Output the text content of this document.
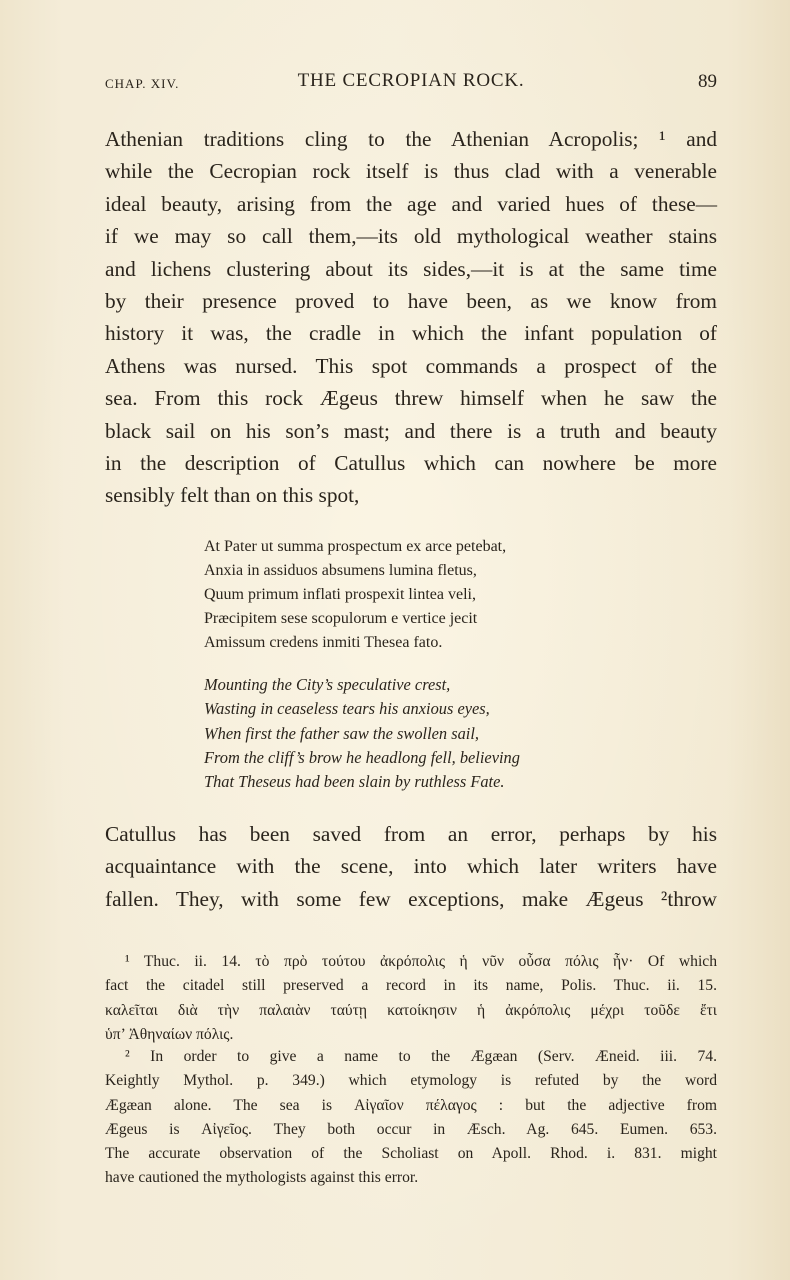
CHAP. XIV.	THE CECROPIAN ROCK.	89

Athenian traditions cling to the Athenian Acropolis; ¹ and
while the Cecropian rock itself is thus clad with a venerable
ideal beauty, arising from the age and varied hues of these—
if we may so call them,—its old mythological weather stains
and lichens clustering about its sides,—it is at the same time
by their presence proved to have been, as we know from
history it was, the cradle in which the infant population of
Athens was nursed. This spot commands a prospect of the
sea. From this rock Ægeus threw himself when he saw the
black sail on his son’s mast; and there is a truth and beauty
in the description of Catullus which can nowhere be more
sensibly felt than on this spot,

At Pater ut summa prospectum ex arce petebat,
Anxia in assiduos absumens lumina fletus,
Quum primum inflati prospexit lintea veli,
Præcipitem sese scopulorum e vertice jecit
Amissum credens inmiti Thesea fato.

Mounting the City’s speculative crest,
Wasting in ceaseless tears his anxious eyes,
When first the father saw the swollen sail,
From the cliff’s brow he headlong fell, believing
That Theseus had been slain by ruthless Fate.

Catullus has been saved from an error, perhaps by his
acquaintance with the scene, into which later writers have
fallen. They, with some few exceptions, make Ægeus ²throw

¹ Thuc. ii. 14. τὸ πρὸ τούτου ἀκρόπολις ἡ νῦν οὖσα πόλις ἦν· Of which
fact the citadel still preserved a record in its name, Polis. Thuc. ii. 15.
καλεῖται διὰ τὴν παλαιὰν ταύτῃ κατοίκησιν ἡ ἀκρόπολις μέχρι τοῦδε ἔτι
ὑπ’ Ἀθηναίων πόλις.

² In order to give a name to the Ægæan (Serv. Æneid. iii. 74.
Keightly Mythol. p. 349.) which etymology is refuted by the word
Ægæan alone. The sea is Αἰγαῖον πέλαγος : but the adjective from
Ægeus is Αἰγεῖος. They both occur in Æsch. Ag. 645. Eumen. 653.
The accurate observation of the Scholiast on Apoll. Rhod. i. 831. might
have cautioned the mythologists against this error.
